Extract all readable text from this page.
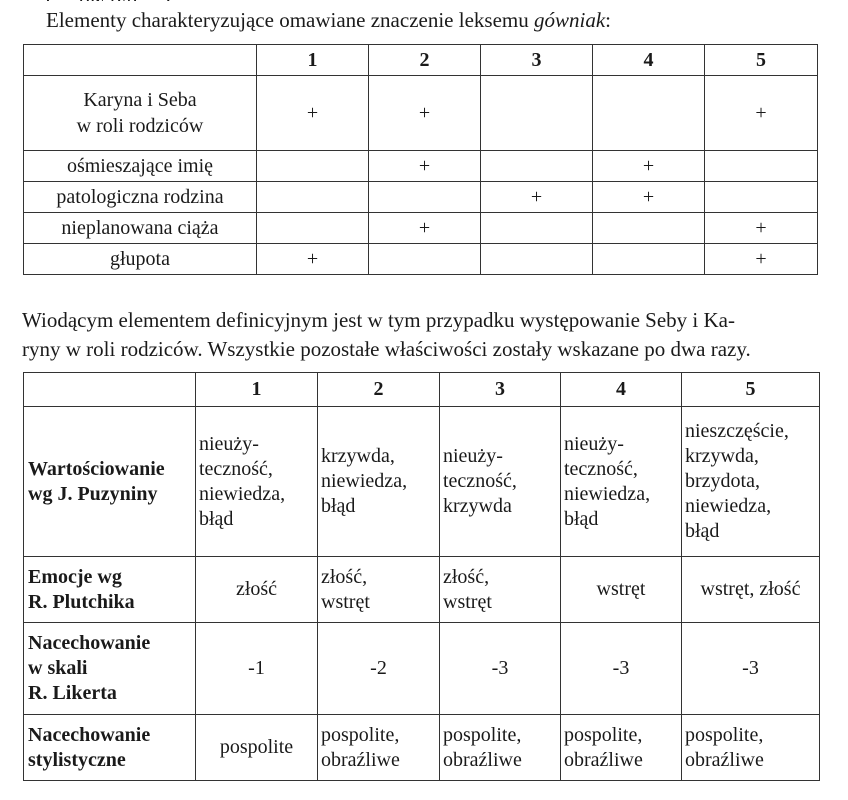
Elementy charakteryzujące omawiane znaczenie leksemu gówniak:
	1	2	3	4	5

Karyna i Seba
w roli rodziców	+	+			+

ośmieszające imię		+		+	

patologiczna rodzina			+	+	

nieplanowana ciąża		+			+

głupota	+				+
Wiodącym elementem definicyjnym jest w tym przypadku występowanie Seby i Ka-
ryny w roli rodziców. Wszystkie pozostałe właściwości zostały wskazane po dwa razy.
	1	2	3	4	5

Wartościowanie
wg J. Puzyniny	nieuży-
teczność,
niewiedza,
błąd	krzywda,
niewiedza,
błąd	nieuży-
teczność,
krzywda	nieuży-
teczność,
niewiedza,
błąd	nieszczęście,
krzywda,
brzydota,
niewiedza,
błąd

Emocje wg
R. Plutchika	złość	złość,
wstręt	złość,
wstręt	wstręt	wstręt, złość

Nacechowanie
w skali
R. Likerta	-1	-2	-3	-3	-3

Nacechowanie
stylistyczne	pospolite	pospolite,
obraźliwe	pospolite,
obraźliwe	pospolite,
obraźliwe	pospolite,
obraźliwe
